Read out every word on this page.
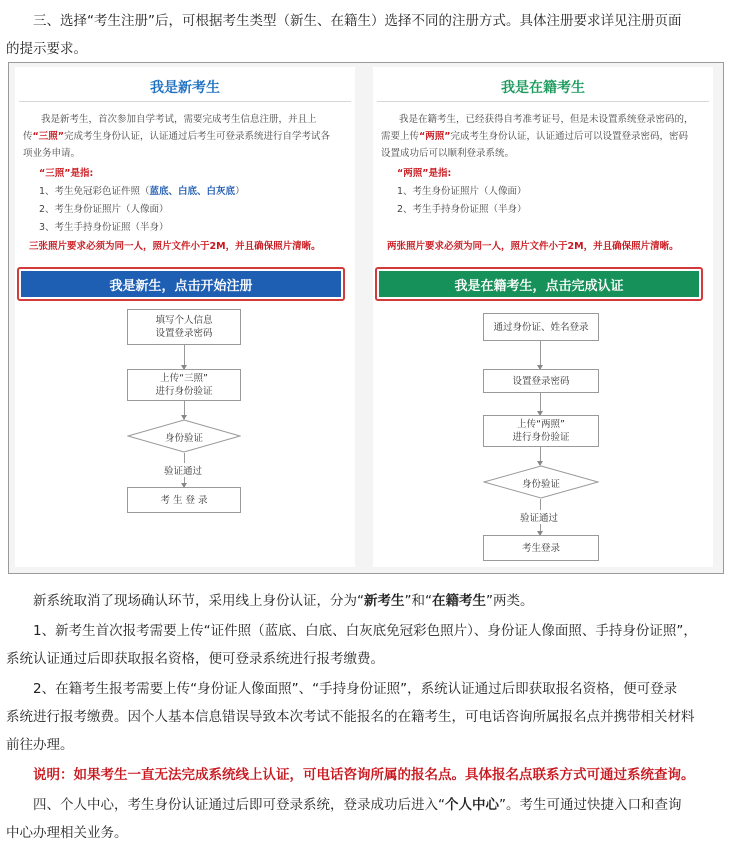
三、选择“考生注册”后，可根据考生类型（新生、在籍生）选择不同的注册方式。具体注册要求详见注册页面
的提示要求。
我是新考生
我是新考生，首次参加自学考试，需要完成考生信息注册，并且上
传“三照”完成考生身份认证，认证通过后考生可登录系统进行自学考试各
项业务申请。
“三照”是指:
1、考生免冠彩色证件照（蓝底、白底、白灰底）
2、考生身份证照片（人像面）
3、考生手持身份证照（半身）
三张照片要求必须为同一人，照片文件小于2M，并且确保照片清晰。
我是新生，点击开始注册
填写个人信息
设置登录密码
上传“三照”
进行身份验证
身份验证
验证通过
考 生 登 录
我是在籍考生
我是在籍考生，已经获得自考准考证号，但是未设置系统登录密码的，
需要上传“两照”完成考生身份认证，认证通过后可以设置登录密码，密码
设置成功后可以顺利登录系统。
“两照”是指:
1、考生身份证照片（人像面）
2、考生手持身份证照（半身）
两张照片要求必须为同一人，照片文件小于2M，并且确保照片清晰。
我是在籍考生，点击完成认证
通过身份证、姓名登录
设置登录密码
上传“两照”
进行身份验证
身份验证
验证通过
考生登录
新系统取消了现场确认环节，采用线上身份认证，分为“新考生”和“在籍考生”两类。
1、新考生首次报考需要上传“证件照（蓝底、白底、白灰底免冠彩色照片）、身份证人像面照、手持身份证照”，
系统认证通过后即获取报名资格，便可登录系统进行报考缴费。
2、在籍考生报考需要上传“身份证人像面照”、“手持身份证照”，系统认证通过后即获取报名资格，便可登录
系统进行报考缴费。因个人基本信息错误导致本次考试不能报名的在籍考生，可电话咨询所属报名点并携带相关材料
前往办理。
说明：如果考生一直无法完成系统线上认证，可电话咨询所属的报名点。具体报名点联系方式可通过系统查询。
四、个人中心，考生身份认证通过后即可登录系统，登录成功后进入“个人中心”。考生可通过快捷入口和查询
中心办理相关业务。
